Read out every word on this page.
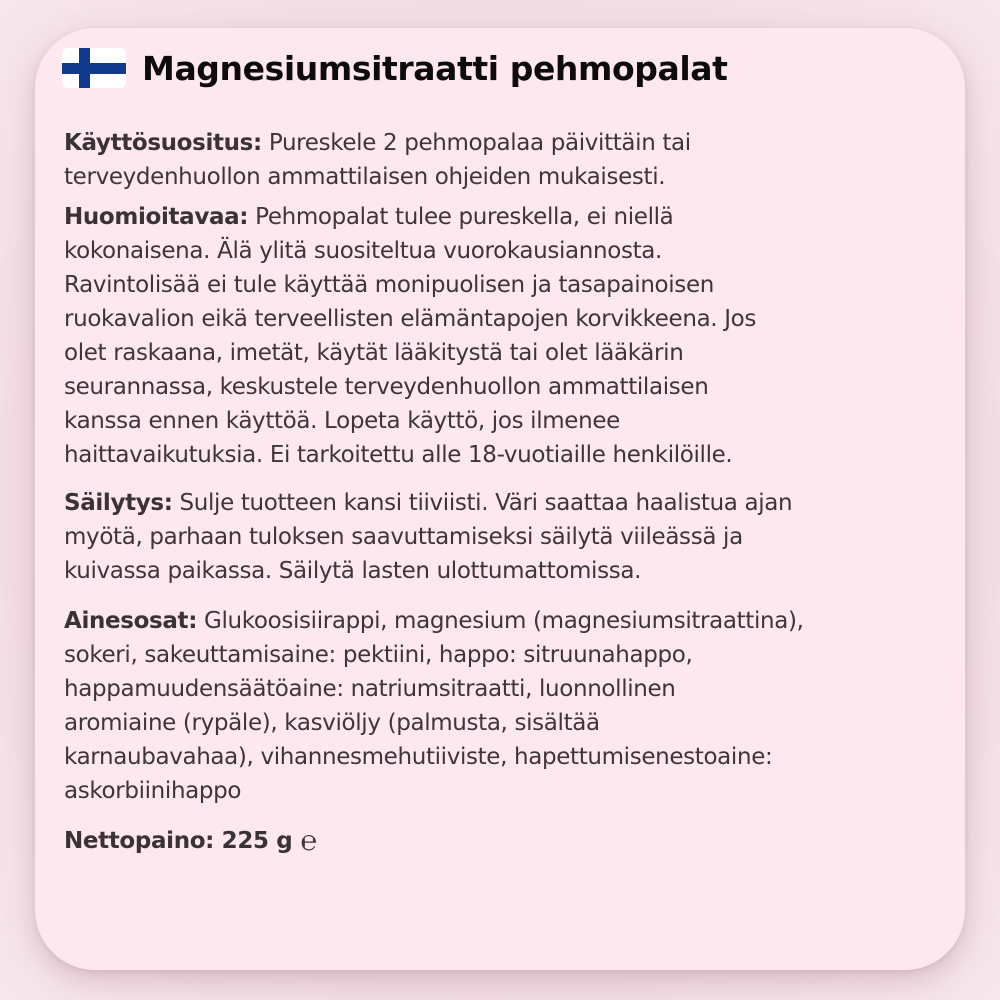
Magnesiumsitraatti pehmopalat

Käyttösuositus: Pureskele 2 pehmopalaa päivittäin tai
terveydenhuollon ammattilaisen ohjeiden mukaisesti.

Huomioitavaa: Pehmopalat tulee pureskella, ei niellä
kokonaisena. Älä ylitä suositeltua vuorokausiannosta.
Ravintolisää ei tule käyttää monipuolisen ja tasapainoisen
ruokavalion eikä terveellisten elämäntapojen korvikkeena. Jos
olet raskaana, imetät, käytät lääkitystä tai olet lääkärin
seurannassa, keskustele terveydenhuollon ammattilaisen
kanssa ennen käyttöä. Lopeta käyttö, jos ilmenee
haittavaikutuksia. Ei tarkoitettu alle 18-vuotiaille henkilöille.

Säilytys: Sulje tuotteen kansi tiiviisti. Väri saattaa haalistua ajan
myötä, parhaan tuloksen saavuttamiseksi säilytä viileässä ja
kuivassa paikassa. Säilytä lasten ulottumattomissa.

Ainesosat: Glukoosisiirappi, magnesium (magnesiumsitraattina),
sokeri, sakeuttamisaine: pektiini, happo: sitruunahappo,
happamuudensäätöaine: natriumsitraatti, luonnollinen
aromiaine (rypäle), kasviöljy (palmusta, sisältää
karnaubavahaa), vihannesmehutiiviste, hapettumisenestoaine:
askorbiinihappo

Nettopaino: 225 g ℮
